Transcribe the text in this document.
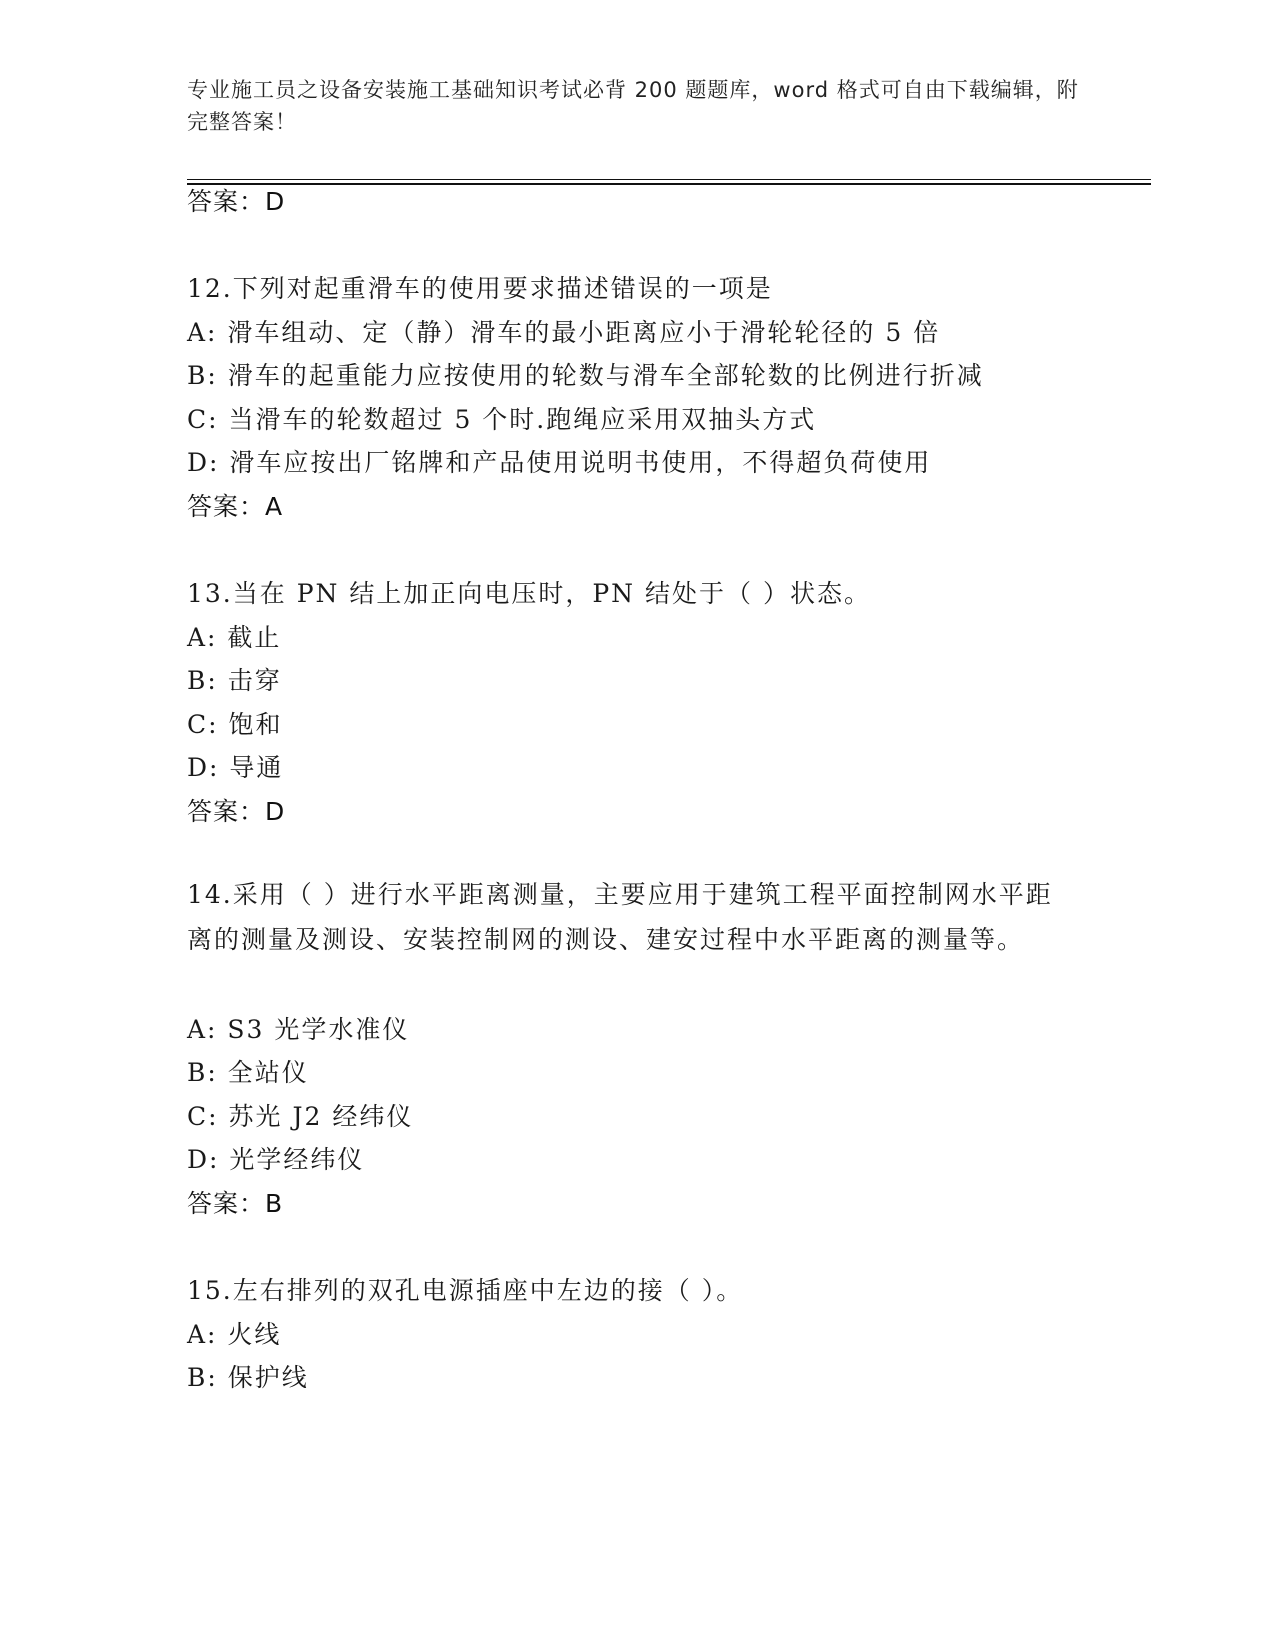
专业施工员之设备安装施工基础知识考试必背 200 题题库，word 格式可自由下载编辑，附完整答案！
答案：D
12.下列对起重滑车的使用要求描述错误的一项是
A: 滑车组动、定（静）滑车的最小距离应小于滑轮轮径的 5 倍
B: 滑车的起重能力应按使用的轮数与滑车全部轮数的比例进行折减
C: 当滑车的轮数超过 5 个时.跑绳应采用双抽头方式
D: 滑车应按出厂铭牌和产品使用说明书使用，不得超负荷使用
答案：A
13.当在 PN 结上加正向电压时，PN 结处于（ ）状态。
A: 截止
B: 击穿
C: 饱和
D: 导通
答案：D
14.采用（ ）进行水平距离测量，主要应用于建筑工程平面控制网水平距离的测量及测设、安装控制网的测设、建安过程中水平距离的测量等。
A: S3 光学水准仪
B: 全站仪
C: 苏光 J2 经纬仪
D: 光学经纬仪
答案：B
15.左右排列的双孔电源插座中左边的接（ ）。
A: 火线
B: 保护线
